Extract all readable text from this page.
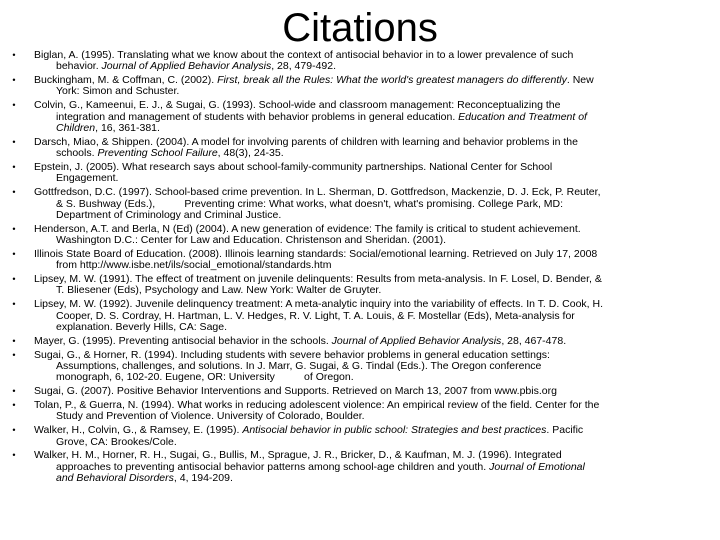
Citations
•	Biglan, A. (1995). Translating what we know about the context of antisocial behavior in to a lower prevalence of such
behavior. Journal of Applied Behavior Analysis, 28, 479-492.
•	Buckingham, M. & Coffman, C. (2002). First, break all the Rules: What the world's greatest managers do differently. New
York: Simon and Schuster.
•	Colvin, G., Kameenui, E. J., & Sugai, G. (1993). School-wide and classroom management: Reconceptualizing the
integration and management of students with behavior problems in general education. Education and Treatment of
Children, 16, 361-381.
•	Darsch, Miao, & Shippen. (2004). A model for involving parents of children with learning and behavior problems in the
schools. Preventing School Failure, 48(3), 24-35.
•	Epstein, J. (2005). What research says about school-family-community partnerships. National Center for School
Engagement.
•	Gottfredson, D.C. (1997). School-based crime prevention. In L. Sherman, D. Gottfredson, Mackenzie, D. J. Eck, P. Reuter,
& S. Bushway (Eds.),          Preventing crime: What works, what doesn't, what's promising. College Park, MD:
Department of Criminology and Criminal Justice.
•	Henderson, A.T. and Berla, N (Ed) (2004). A new generation of evidence: The family is critical to student achievement.
Washington D.C.: Center for Law and Education. Christenson and Sheridan. (2001).
•	Illinois State Board of Education. (2008). Illinois learning standards: Social/emotional learning. Retrieved on July 17, 2008
from http://www.isbe.net/ils/social_emotional/standards.htm
•	Lipsey, M. W. (1991). The effect of treatment on juvenile delinquents: Results from meta-analysis. In F. Losel, D. Bender, &
T. Bliesener (Eds), Psychology and Law. New York: Walter de Gruyter.
•	Lipsey, M. W. (1992). Juvenile delinquency treatment: A meta-analytic inquiry into the variability of effects. In T. D. Cook, H.
Cooper, D. S. Cordray, H. Hartman, L. V. Hedges, R. V. Light, T. A. Louis, & F. Mostellar (Eds), Meta-analysis for
explanation. Beverly Hills, CA: Sage.
•	Mayer, G. (1995). Preventing antisocial behavior in the schools. Journal of Applied Behavior Analysis, 28, 467-478.
•	Sugai, G., & Horner, R. (1994). Including students with severe behavior problems in general education settings:
Assumptions, challenges, and solutions. In J. Marr, G. Sugai, & G. Tindal (Eds.). The Oregon conference
monograph, 6, 102-20. Eugene, OR: University          of Oregon.
•	Sugai, G. (2007). Positive Behavior Interventions and Supports. Retrieved on March 13, 2007 from www.pbis.org
•	Tolan, P., & Guerra, N. (1994). What works in reducing adolescent violence: An empirical review of the field. Center for the
Study and Prevention of Violence. University of Colorado, Boulder.
•	Walker, H., Colvin, G., & Ramsey, E. (1995). Antisocial behavior in public school: Strategies and best practices. Pacific
Grove, CA: Brookes/Cole.
•	Walker, H. M., Horner, R. H., Sugai, G., Bullis, M., Sprague, J. R., Bricker, D., & Kaufman, M. J. (1996). Integrated
approaches to preventing antisocial behavior patterns among school-age children and youth. Journal of Emotional
and Behavioral Disorders, 4, 194-209.
